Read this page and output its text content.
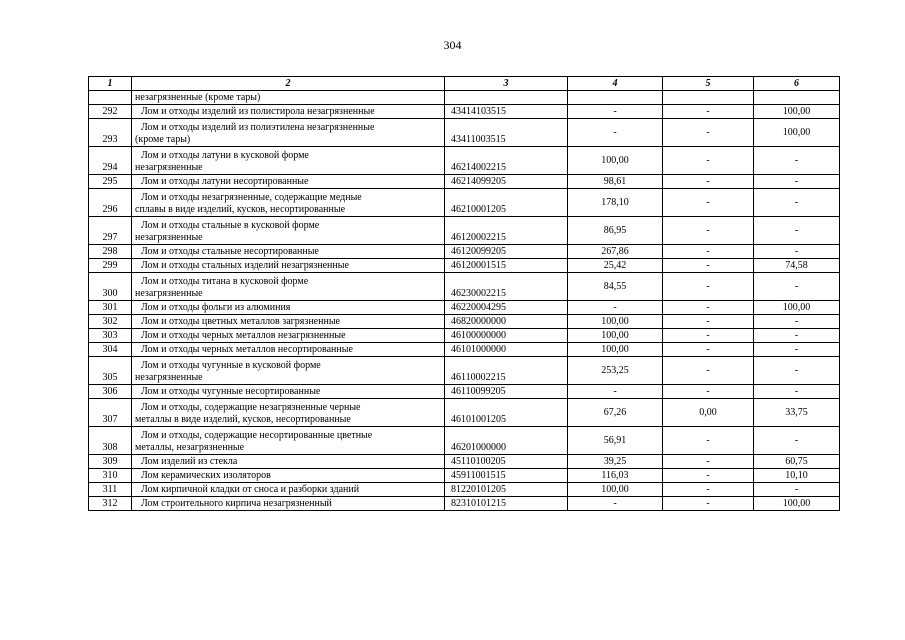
304
1	2	3	4	5	6
	незагрязненные (кроме тары)				
292	Лом и отходы изделий из полистирола незагрязненные	43414103515	-	-	100,00
293	Лом и отходы изделий из полиэтилена незагрязненные
(кроме тары)	43411003515	-	-	100,00
294	Лом и отходы латуни в кусковой форме
незагрязненные	46214002215	100,00	-	-
295	Лом и отходы латуни несортированные	46214099205	98,61	-	-
296	Лом и отходы незагрязненные, содержащие медные
сплавы в виде изделий, кусков, несортированные	46210001205	178,10	-	-
297	Лом и отходы стальные в кусковой форме
незагрязненные	46120002215	86,95	-	-
298	Лом и отходы стальные несортированные	46120099205	267,86	-	-
299	Лом и отходы стальных изделий незагрязненные	46120001515	25,42	-	74,58
300	Лом и отходы титана в кусковой форме
незагрязненные	46230002215	84,55	-	-
301	Лом и отходы фольги из алюминия	46220004295	-	-	100,00
302	Лом и отходы цветных металлов загрязненные	46820000000	100,00	-	-
303	Лом и отходы черных металлов незагрязненные	46100000000	100,00	-	-
304	Лом и отходы черных металлов несортированные	46101000000	100,00	-	-
305	Лом и отходы чугунные в кусковой форме
незагрязненные	46110002215	253,25	-	-
306	Лом и отходы чугунные несортированные	46110099205	-	-	-
307	Лом и отходы, содержащие незагрязненные черные
металлы в виде изделий, кусков, несортированные	46101001205	67,26	0,00	33,75
308	Лом и отходы, содержащие несортированные цветные
металлы, незагрязненные	46201000000	56,91	-	-
309	Лом изделий из стекла	45110100205	39,25	-	60,75
310	Лом керамических изоляторов	45911001515	116,03	-	10,10
311	Лом кирпичной кладки от сноса и разборки зданий	81220101205	100,00	-	-
312	Лом строительного кирпича незагрязненный	82310101215	-	-	100,00
